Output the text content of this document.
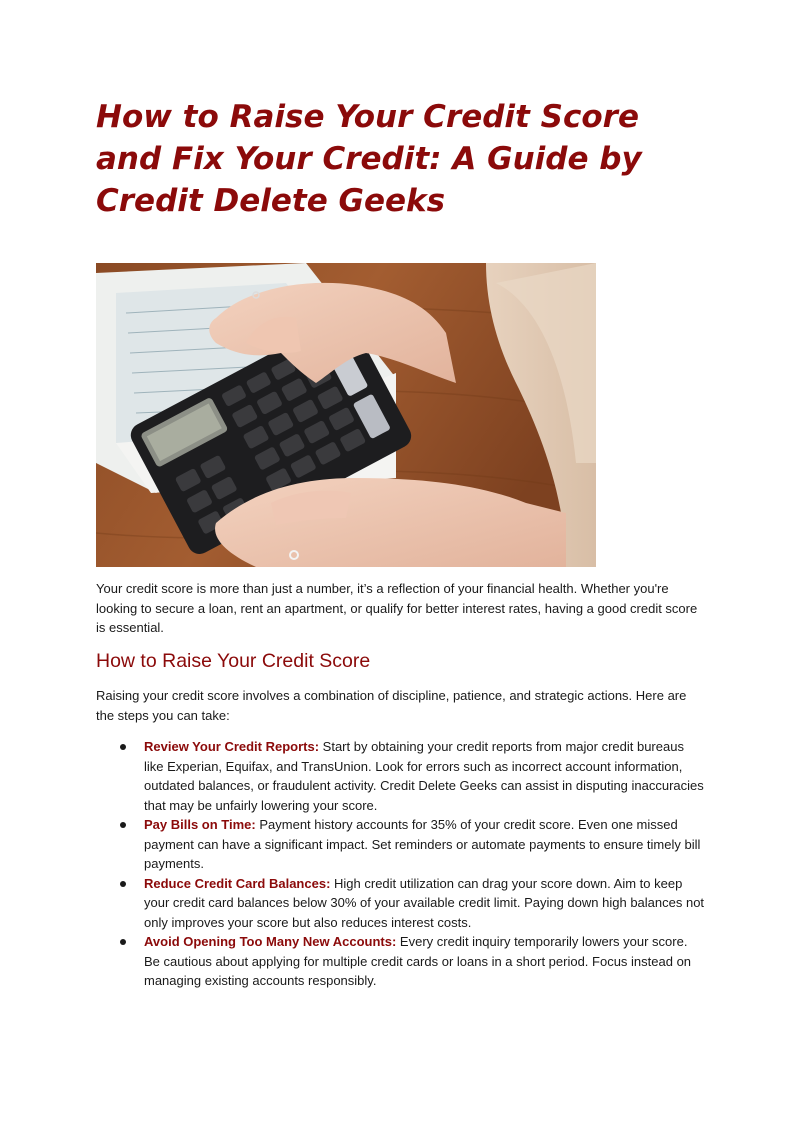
How to Raise Your Credit Score and Fix Your Credit: A Guide by Credit Delete Geeks

Your credit score is more than just a number, it’s a reflection of your financial health. Whether you're looking to secure a loan, rent an apartment, or qualify for better interest rates, having a good credit score is essential.

How to Raise Your Credit Score

Raising your credit score involves a combination of discipline, patience, and strategic actions. Here are the steps you can take:

Review Your Credit Reports: Start by obtaining your credit reports from major credit bureaus like Experian, Equifax, and TransUnion. Look for errors such as incorrect account information, outdated balances, or fraudulent activity. Credit Delete Geeks can assist in disputing inaccuracies that may be unfairly lowering your score.
Pay Bills on Time: Payment history accounts for 35% of your credit score. Even one missed payment can have a significant impact. Set reminders or automate payments to ensure timely bill payments.
Reduce Credit Card Balances: High credit utilization can drag your score down. Aim to keep your credit card balances below 30% of your available credit limit. Paying down high balances not only improves your score but also reduces interest costs.
Avoid Opening Too Many New Accounts: Every credit inquiry temporarily lowers your score. Be cautious about applying for multiple credit cards or loans in a short period. Focus instead on managing existing accounts responsibly.
